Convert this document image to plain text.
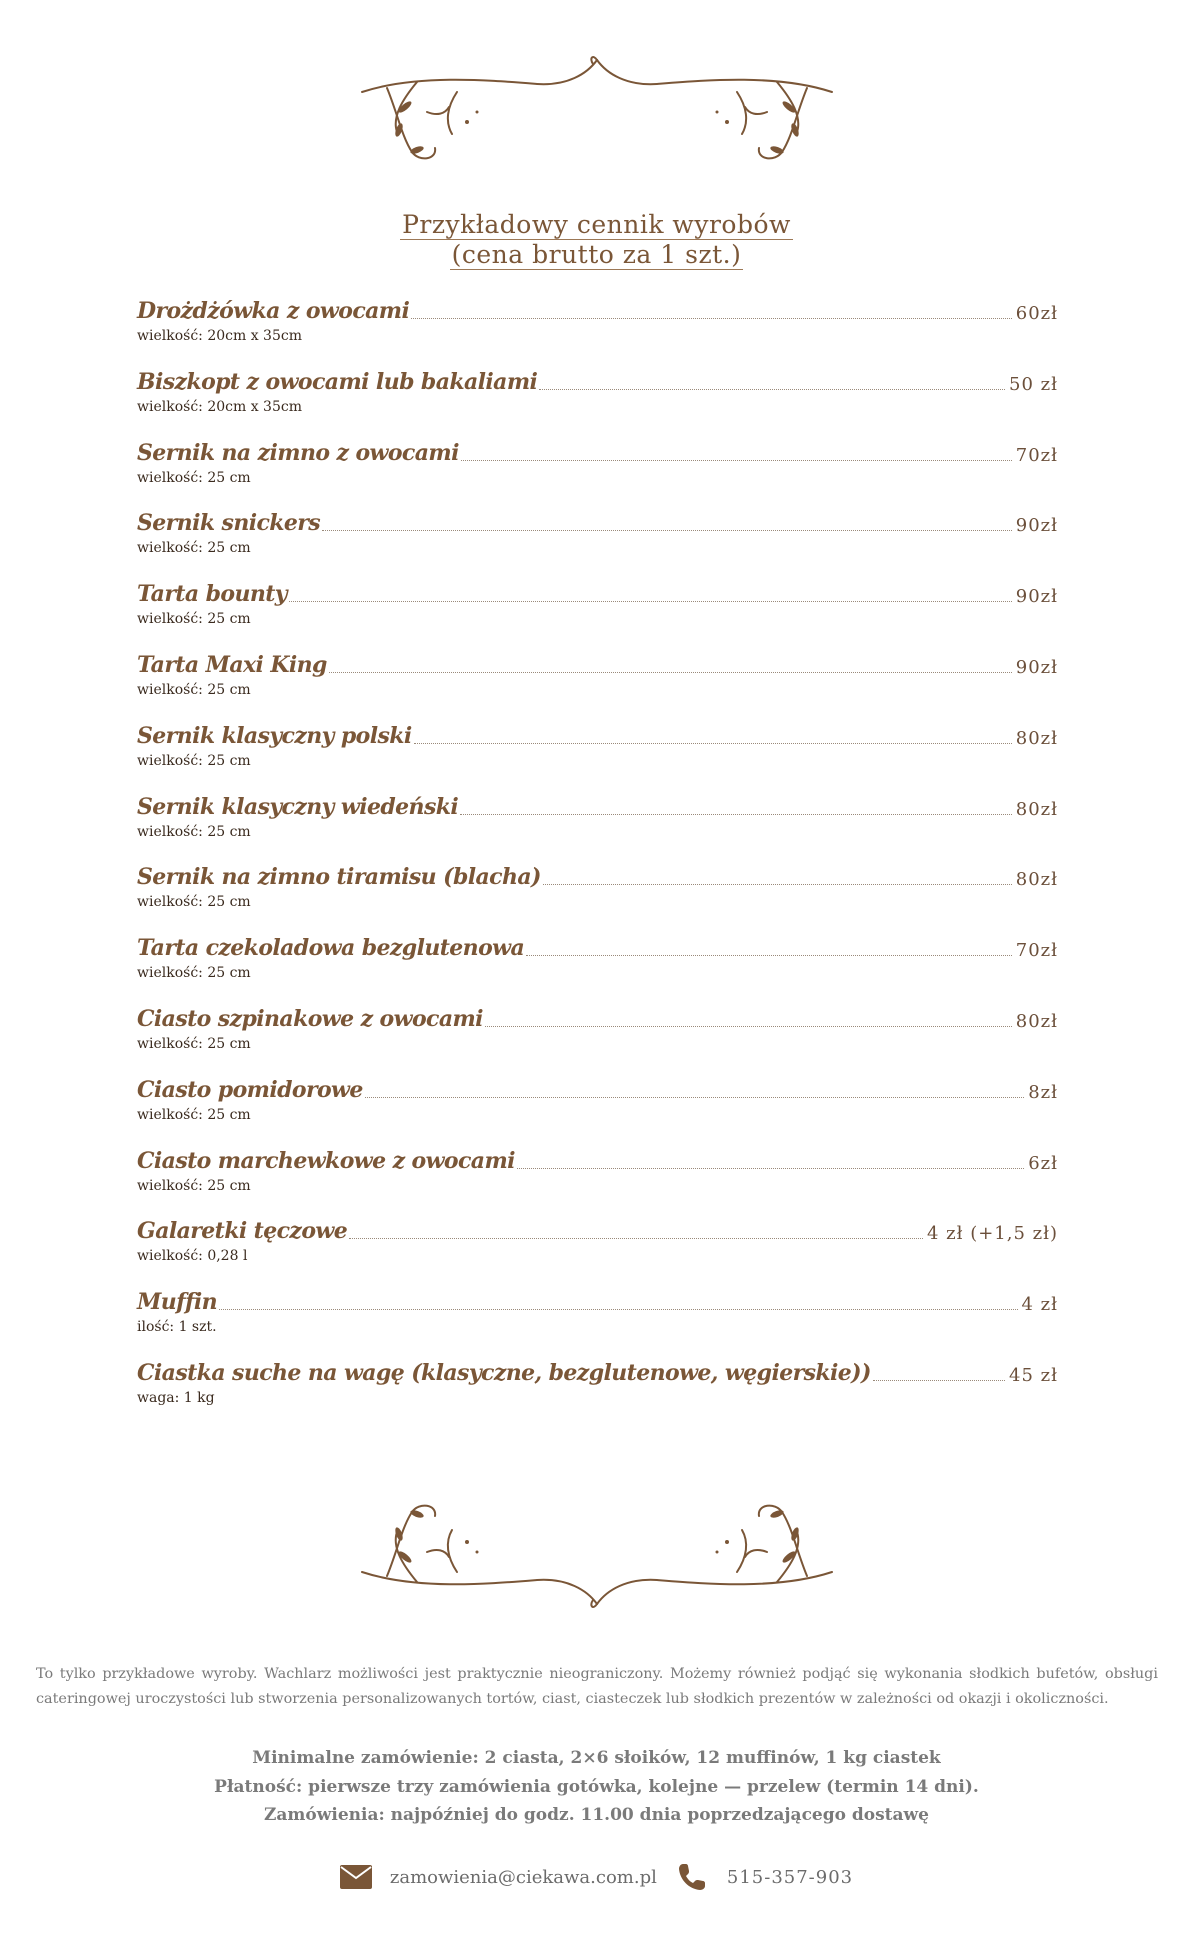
Przykładowy cennik wyrobów
(cena brutto za 1 szt.)
Drożdżówka z owocami	60zł
wielkość: 20cm x 35cm
Biszkopt z owocami lub bakaliami	50 zł
wielkość: 20cm x 35cm
Sernik na zimno z owocami	70zł
wielkość: 25 cm
Sernik snickers	90zł
wielkość: 25 cm
Tarta bounty	90zł
wielkość: 25 cm
Tarta Maxi King	90zł
wielkość: 25 cm
Sernik klasyczny polski	80zł
wielkość: 25 cm
Sernik klasyczny wiedeński	80zł
wielkość: 25 cm
Sernik na zimno tiramisu (blacha)	80zł
wielkość: 25 cm
Tarta czekoladowa bezglutenowa	70zł
wielkość: 25 cm
Ciasto szpinakowe z owocami	80zł
wielkość: 25 cm
Ciasto pomidorowe	8zł
wielkość: 25 cm
Ciasto marchewkowe z owocami	6zł
wielkość: 25 cm
Galaretki tęczowe	4 zł (+1,5 zł)
wielkość: 0,28 l
Muffin	4 zł
ilość: 1 szt.
Ciastka suche na wagę (klasyczne, bezglutenowe, węgierskie))	45 zł
waga: 1 kg

To tylko przykładowe wyroby. Wachlarz możliwości jest praktycznie nieograniczony. Możemy również podjąć się wykonania słodkich bufetów, obsługi cateringowej uroczystości lub stworzenia personalizowanych tortów, ciast, ciasteczek lub słodkich prezentów w zależności od okazji i okoliczności.

Minimalne zamówienie: 2 ciasta, 2×6 słoików, 12 muffinów, 1 kg ciastek
Płatność: pierwsze trzy zamówienia gotówka, kolejne — przelew (termin 14 dni).
Zamówienia: najpóźniej do godz. 11.00 dnia poprzedzającego dostawę
zamowienia@ciekawa.com.pl	515-357-903
